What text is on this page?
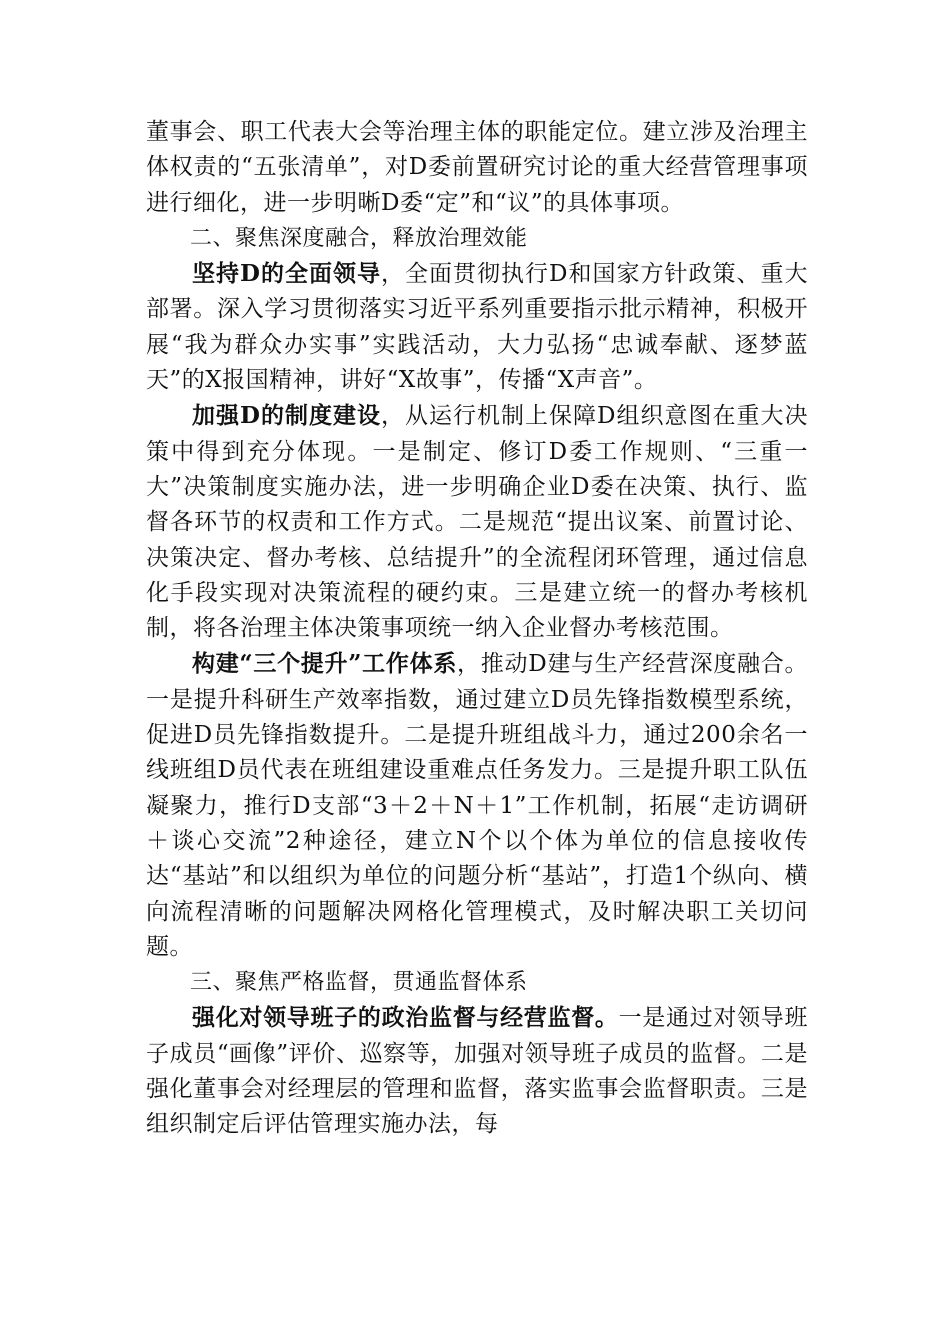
董事会、职工代表大会等治理主体的职能定位。建立涉及治理主体权责的“五张清单”，对D委前置研究讨论的重大经营管理事项进行细化，进一步明晰D委“定”和“议”的具体事项。

二、聚焦深度融合，释放治理效能

坚持D的全面领导，全面贯彻执行D和国家方针政策、重大部署。深入学习贯彻落实习近平系列重要指示批示精神，积极开展“我为群众办实事”实践活动，大力弘扬“忠诚奉献、逐梦蓝天”的X报国精神，讲好“X故事”，传播“X声音”。

加强D的制度建设，从运行机制上保障D组织意图在重大决策中得到充分体现。一是制定、修订D委工作规则、“三重一大”决策制度实施办法，进一步明确企业D委在决策、执行、监督各环节的权责和工作方式。二是规范“提出议案、前置讨论、决策决定、督办考核、总结提升”的全流程闭环管理，通过信息化手段实现对决策流程的硬约束。三是建立统一的督办考核机制，将各治理主体决策事项统一纳入企业督办考核范围。

构建“三个提升”工作体系，推动D建与生产经营深度融合。一是提升科研生产效率指数，通过建立D员先锋指数模型系统，促进D员先锋指数提升。二是提升班组战斗力，通过200余名一线班组D员代表在班组建设重难点任务发力。三是提升职工队伍凝聚力，推行D支部“3＋2＋N＋1”工作机制，拓展“走访调研＋谈心交流”2种途径，建立N个以个体为单位的信息接收传达“基站”和以组织为单位的问题分析“基站”，打造1个纵向、横向流程清晰的问题解决网格化管理模式，及时解决职工关切问题。

三、聚焦严格监督，贯通监督体系

强化对领导班子的政治监督与经营监督。一是通过对领导班子成员“画像”评价、巡察等，加强对领导班子成员的监督。二是强化董事会对经理层的管理和监督，落实监事会监督职责。三是组织制定后评估管理实施办法，每
